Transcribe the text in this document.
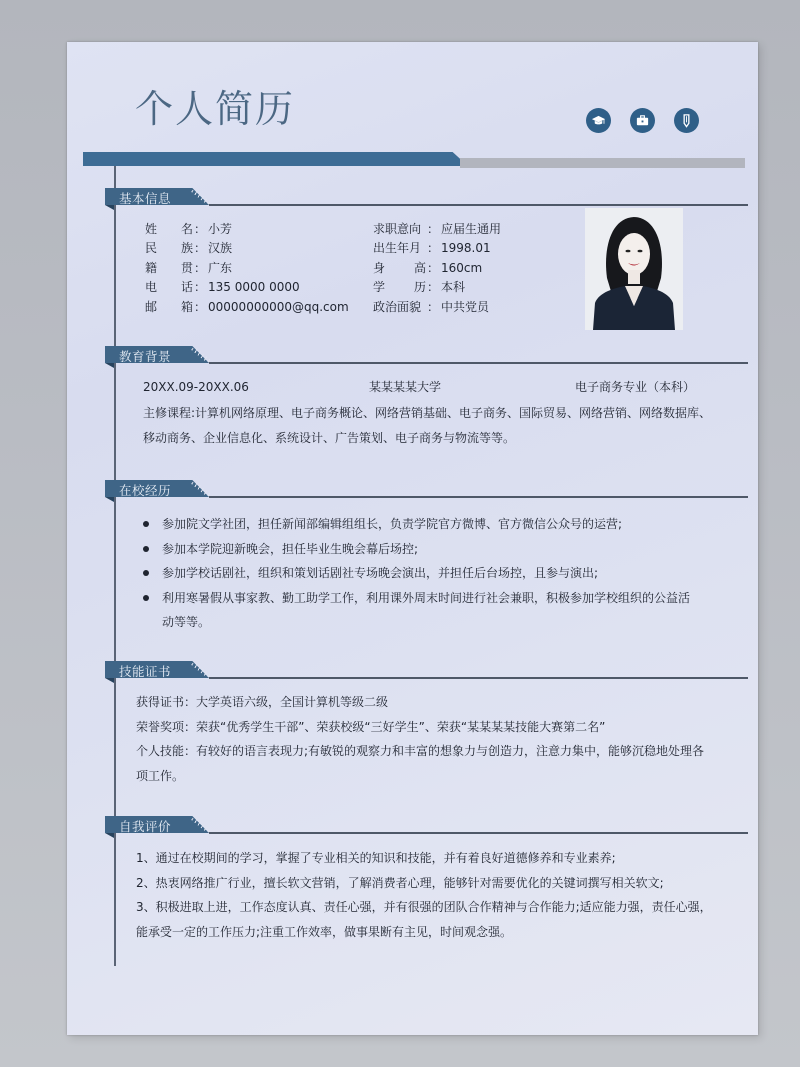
个人简历
基本信息
姓 名 ： 小芳
民 族 ： 汉族
籍 贯 ： 广东
电 话 ： 135 0000 0000
邮 箱 ： 00000000000@qq.com
求职意向 ： 应届生通用
出生年月 ： 1998.01
身 高 ： 160cm
学 历 ： 本科
政治面貌 ： 中共党员
教育背景
20XX.09-20XX.06	某某某某大学	电子商务专业（本科）
主修课程:计算机网络原理、电子商务概论、网络营销基础、电子商务、国际贸易、网络营销、网络数据库、
移动商务、企业信息化、系统设计、广告策划、电子商务与物流等等。
在校经历
参加院文学社团，担任新闻部编辑组组长，负责学院官方微博、官方微信公众号的运营;
参加本学院迎新晚会，担任毕业生晚会幕后场控;
参加学校话剧社，组织和策划话剧社专场晚会演出，并担任后台场控，且参与演出;
利用寒暑假从事家教、勤工助学工作，利用课外周末时间进行社会兼职，积极参加学校组织的公益活动等等。
技能证书
获得证书：大学英语六级，全国计算机等级二级
荣誉奖项：荣获“优秀学生干部”、荣获校级“三好学生”、荣获“某某某某技能大赛第二名”
个人技能：有较好的语言表现力;有敏锐的观察力和丰富的想象力与创造力，注意力集中，能够沉稳地处理各项工作。
自我评价
1、通过在校期间的学习，掌握了专业相关的知识和技能，并有着良好道德修养和专业素养;
2、热衷网络推广行业，擅长软文营销，了解消费者心理，能够针对需要优化的关键词撰写相关软文;
3、积极进取上进，工作态度认真、责任心强，并有很强的团队合作精神与合作能力;适应能力强，责任心强，能承受一定的工作压力;注重工作效率，做事果断有主见，时间观念强。
